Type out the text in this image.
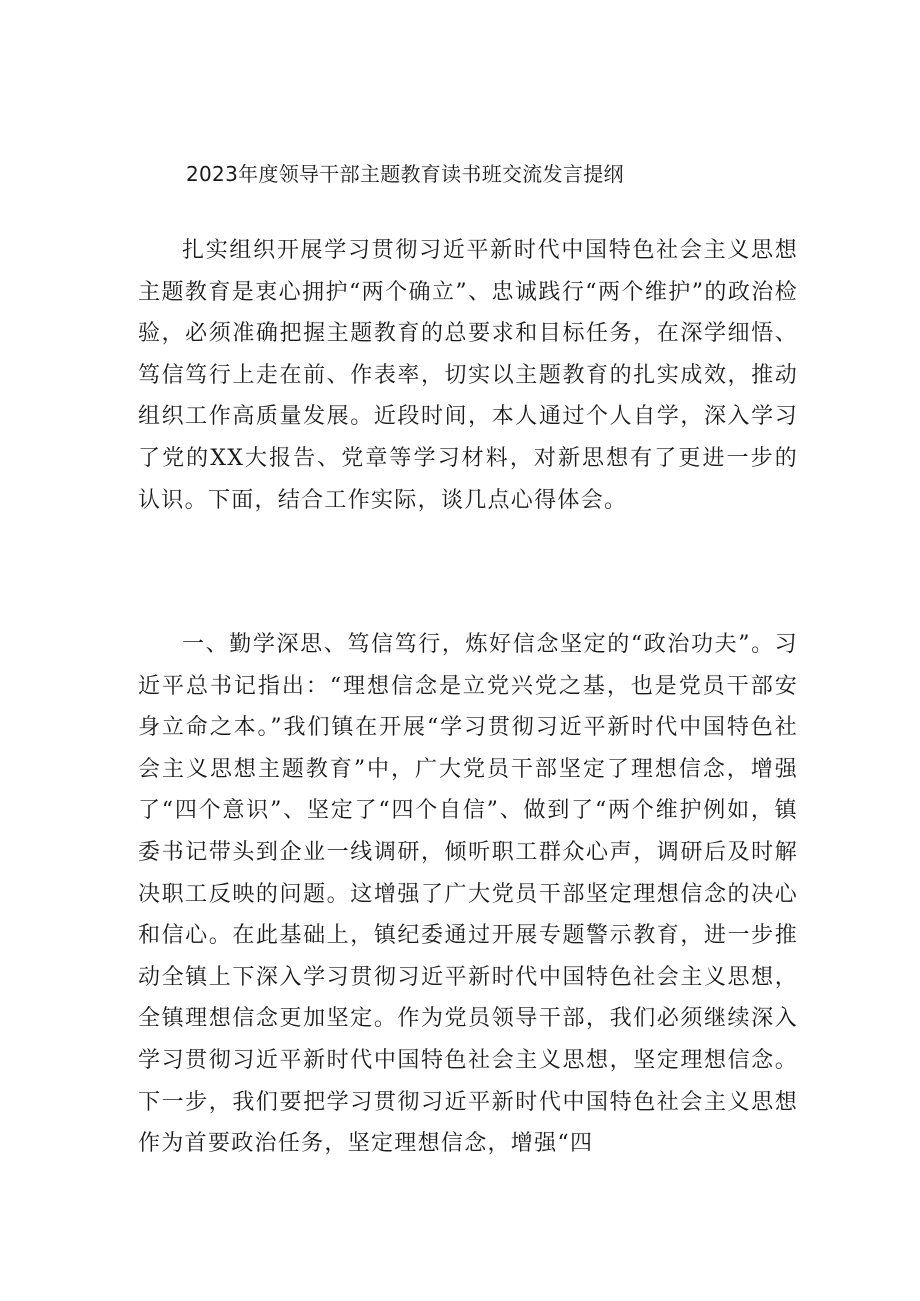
2023年度领导干部主题教育读书班交流发言提纲

扎实组织开展学习贯彻习近平新时代中国特色社会主义思想主题教育是衷心拥护“两个确立”、忠诚践行“两个维护”的政治检验，必须准确把握主题教育的总要求和目标任务，在深学细悟、笃信笃行上走在前、作表率，切实以主题教育的扎实成效，推动组织工作高质量发展。近段时间，本人通过个人自学，深入学习了党的XX大报告、党章等学习材料，对新思想有了更进一步的认识。下面，结合工作实际，谈几点心得体会。

一、勤学深思、笃信笃行，炼好信念坚定的“政治功夫”。习近平总书记指出：“理想信念是立党兴党之基，也是党员干部安身立命之本。”我们镇在开展“学习贯彻习近平新时代中国特色社会主义思想主题教育”中，广大党员干部坚定了理想信念，增强了“四个意识”、坚定了“四个自信”、做到了“两个维护例如，镇委书记带头到企业一线调研，倾听职工群众心声，调研后及时解决职工反映的问题。这增强了广大党员干部坚定理想信念的决心和信心。在此基础上，镇纪委通过开展专题警示教育，进一步推动全镇上下深入学习贯彻习近平新时代中国特色社会主义思想，全镇理想信念更加坚定。作为党员领导干部，我们必须继续深入学习贯彻习近平新时代中国特色社会主义思想，坚定理想信念。下一步，我们要把学习贯彻习近平新时代中国特色社会主义思想作为首要政治任务，坚定理想信念，增强“四
